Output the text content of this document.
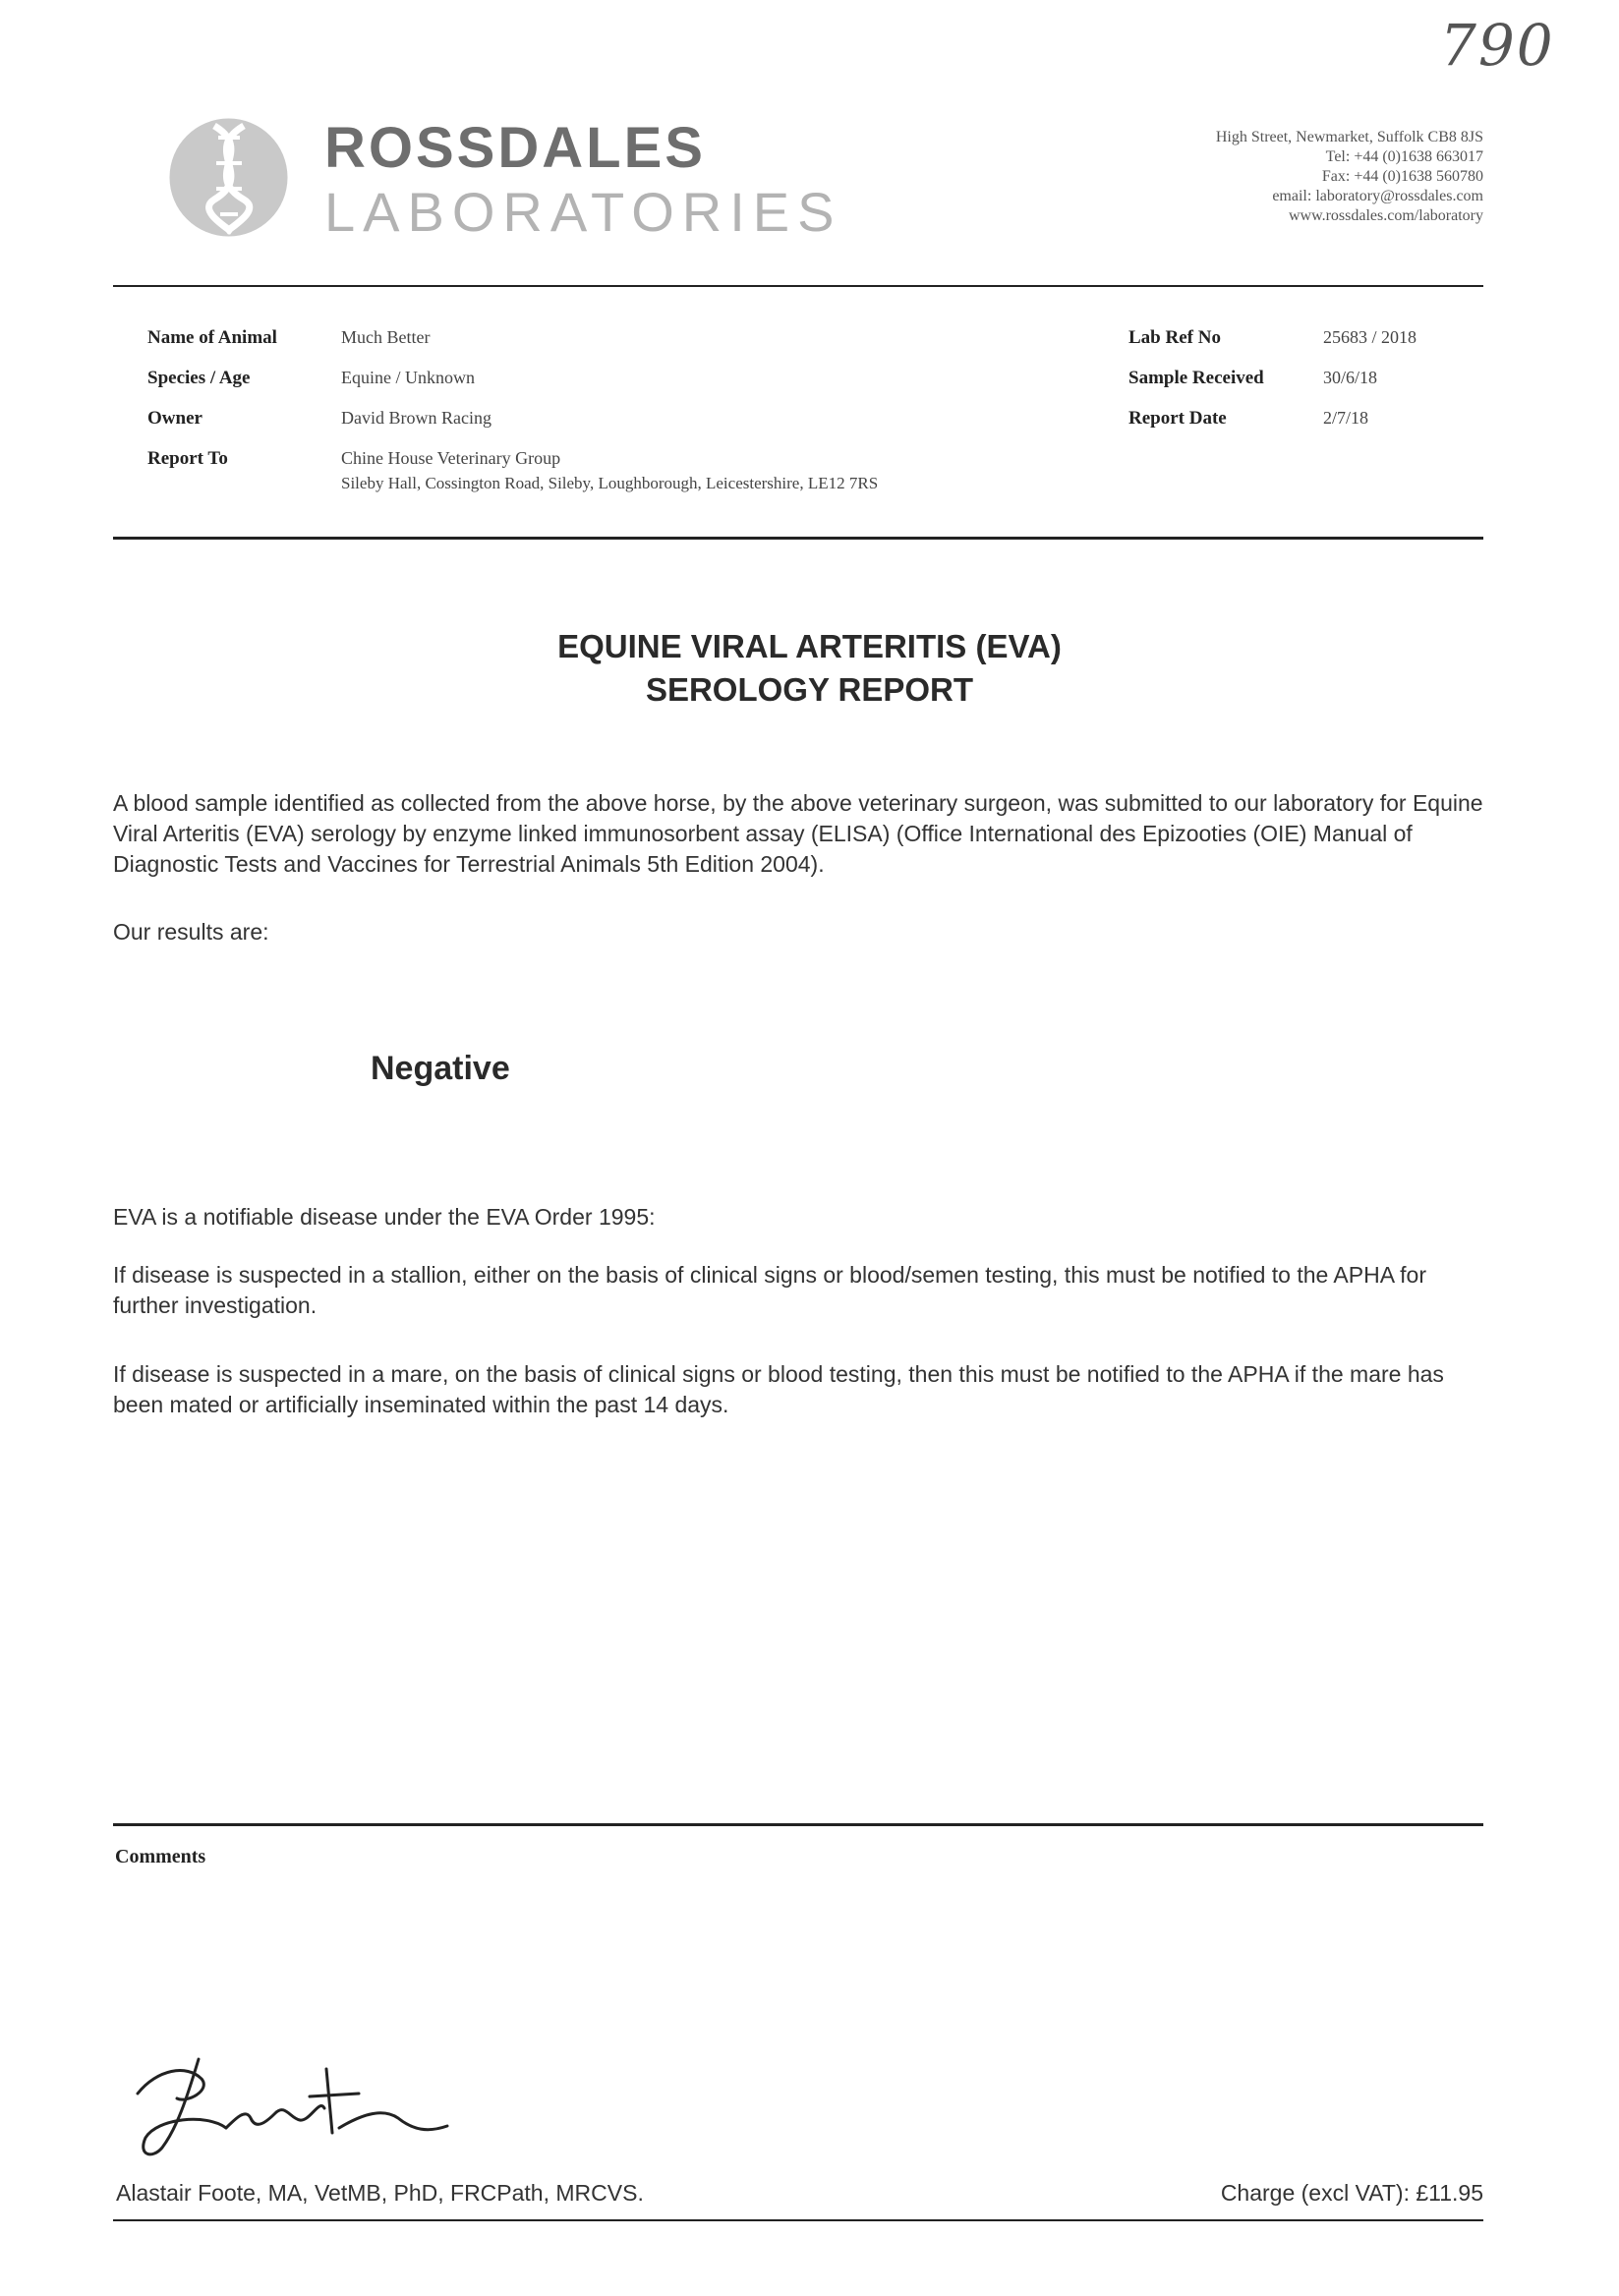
790
ROSSDALES
LABORATORIES
High Street, Newmarket, Suffolk CB8 8JS
Tel: +44 (0)1638 663017
Fax: +44 (0)1638 560780
email: laboratory@rossdales.com
www.rossdales.com/laboratory
Name of Animal	Much Better
Species / Age	Equine / Unknown
Owner	David Brown Racing
Report To	Chine House Veterinary Group
Sileby Hall, Cossington Road, Sileby, Loughborough, Leicestershire, LE12 7RS
Lab Ref No	25683 / 2018
Sample Received	30/6/18
Report Date	2/7/18
EQUINE VIRAL ARTERITIS (EVA)
SEROLOGY REPORT
A blood sample identified as collected from the above horse, by the above veterinary surgeon, was submitted to our laboratory for Equine Viral Arteritis (EVA) serology by enzyme linked immunosorbent assay (ELISA) (Office International des Epizooties (OIE) Manual of Diagnostic Tests and Vaccines for Terrestrial Animals 5th Edition 2004).
Our results are:
Negative
EVA is a notifiable disease under the EVA Order 1995:
If disease is suspected in a stallion, either on the basis of clinical signs or blood/semen testing, this must be notified to the APHA for further investigation.
If disease is suspected in a mare, on the basis of clinical signs or blood testing, then this must be notified to the APHA if the mare has been mated or artificially inseminated within the past 14 days.
Comments
Alastair Foote, MA, VetMB, PhD, FRCPath, MRCVS.	Charge (excl VAT): £11.95
